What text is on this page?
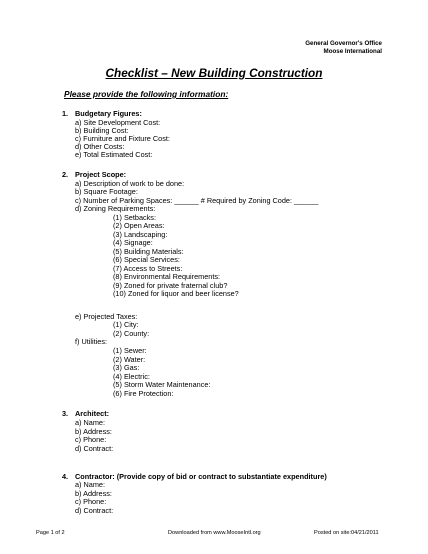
General Governor's Office
Moose International
Checklist – New Building Construction
Please provide the following information:
1. Budgetary Figures:
a) Site Development Cost:
b) Building Cost:
c) Furniture and Fixture Cost:
d) Other Costs:
e) Total Estimated Cost:
2. Project Scope:
a) Description of work to be done:
b) Square Footage:
c) Number of Parking Spaces: ______ # Required by Zoning Code: ______
d) Zoning Requirements:
(1) Setbacks:
(2) Open Areas:
(3) Landscaping:
(4) Signage:
(5) Building Materials:
(6) Special Services:
(7) Access to Streets:
(8) Environmental Requirements:
(9) Zoned for private fraternal club?
(10) Zoned for liquor and beer license?
e) Projected Taxes:
(1) City:
(2) County:
f) Utilities:
(1) Sewer:
(2) Water:
(3) Gas:
(4) Electric:
(5) Storm Water Maintenance:
(6) Fire Protection:
3. Architect:
a) Name:
b) Address:
c) Phone:
d) Contract:
4. Contractor: (Provide copy of bid or contract to substantiate expenditure)
a) Name:
b) Address:
c) Phone:
d) Contract:
Page 1 of 2	Downloaded from www.MooseIntl.org	Posted on site:04/21/2011
